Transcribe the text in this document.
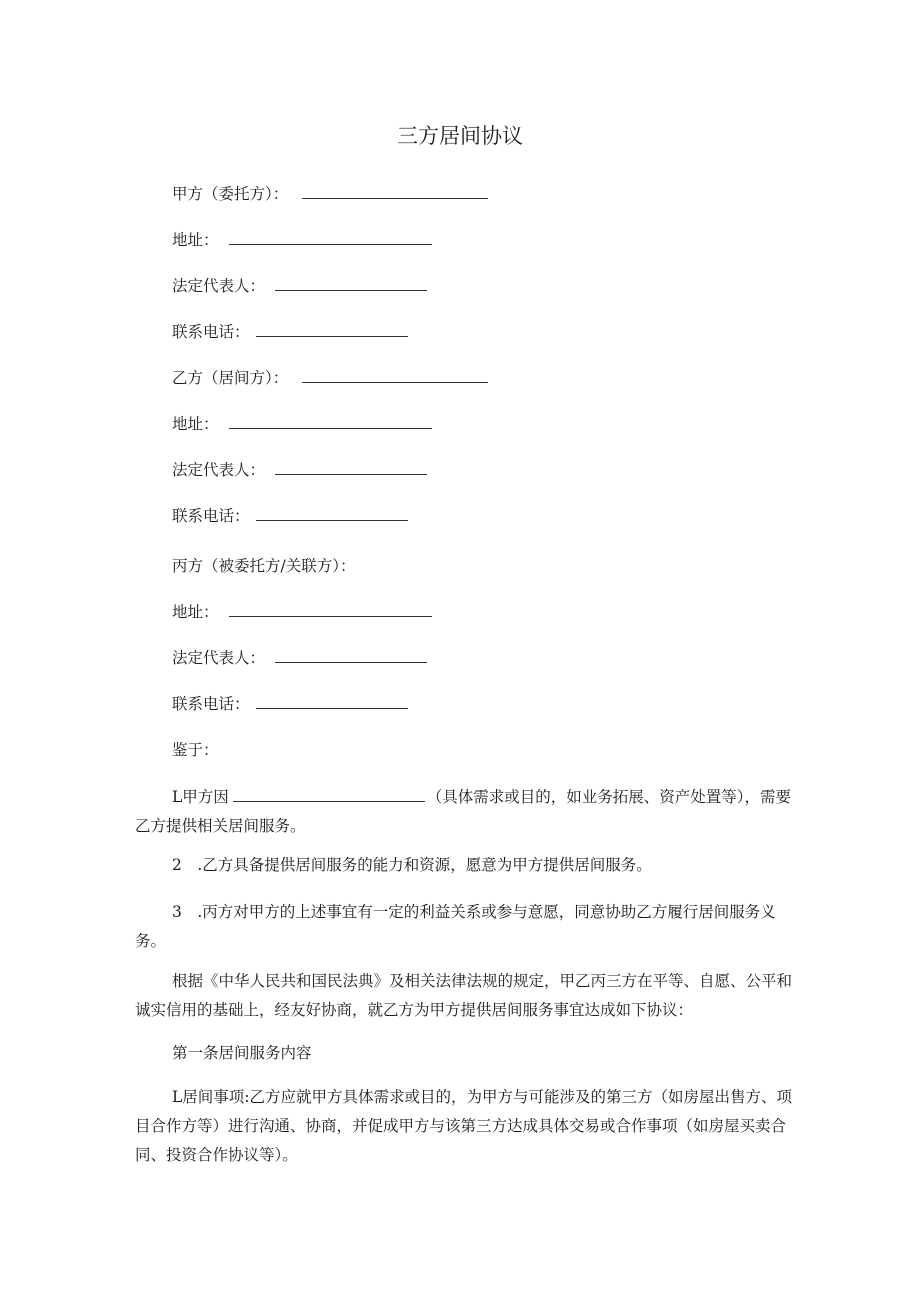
三方居间协议
甲方（委托方）：
地址：
法定代表人：
联系电话：
乙方（居间方）：
地址：
法定代表人：
联系电话：
丙方（被委托方/关联方）：
地址：
法定代表人：
联系电话：
鉴于：
L甲方因	（具体需求或目的，如业务拓展、资产处置等），需要乙方提供相关居间服务。
2　.乙方具备提供居间服务的能力和资源，愿意为甲方提供居间服务。
3　.丙方对甲方的上述事宜有一定的利益关系或参与意愿，同意协助乙方履行居间服务义务。
根据《中华人民共和国民法典》及相关法律法规的规定，甲乙丙三方在平等、自愿、公平和诚实信用的基础上，经友好协商，就乙方为甲方提供居间服务事宜达成如下协议：
第一条居间服务内容
L居间事项:乙方应就甲方具体需求或目的，为甲方与可能涉及的第三方（如房屋出售方、项目合作方等）进行沟通、协商，并促成甲方与该第三方达成具体交易或合作事项（如房屋买卖合同、投资合作协议等）。
